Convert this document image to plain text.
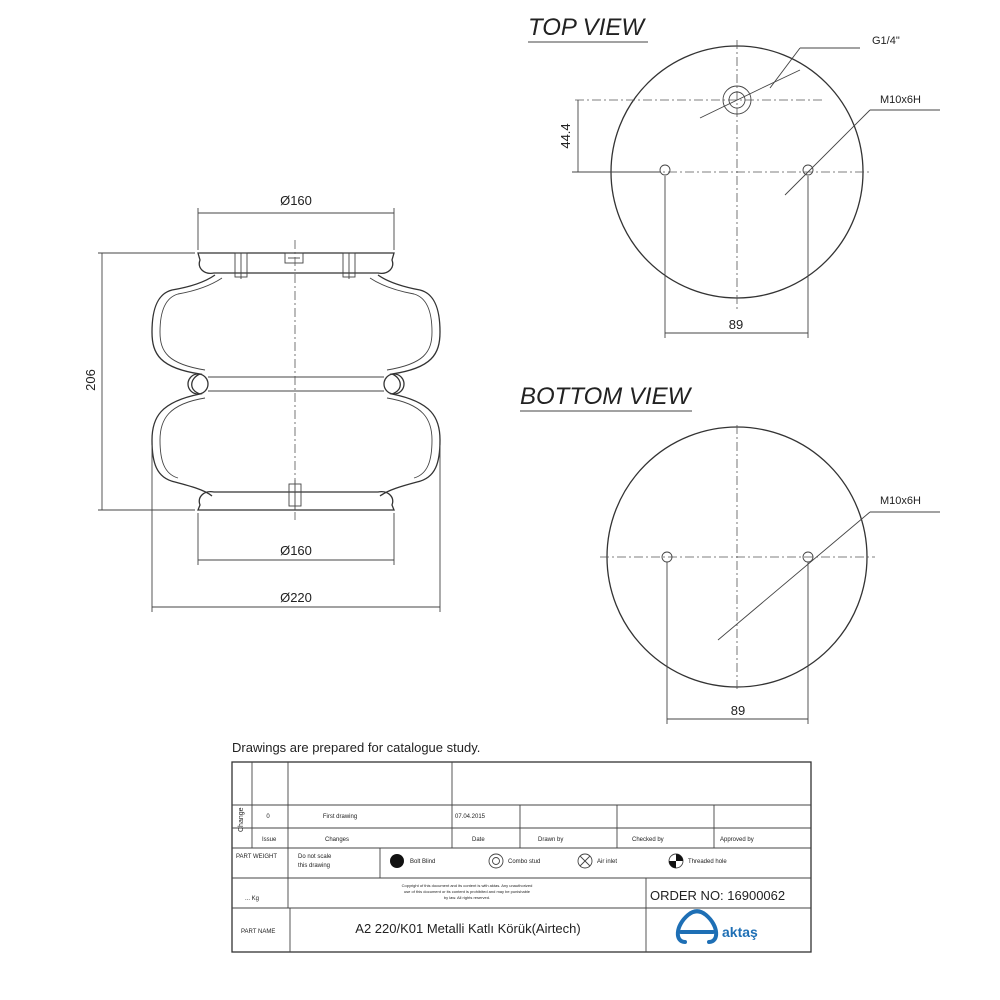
Ø160
206
Ø160
Ø220
TOP VIEW	G1/4"
M10x6H
44.4
89
BOTTOM VIEW
M10x6H
89
Drawings are prepared for catalogue study.
Change	0	First drawing	07.04.2015
Issue	Changes	Date	Drawn by	Checked by	Approved by
PART WEIGHT	Do not scale
this drawing
Bolt Blind	Combo stud	Air inlet	Threaded hole
... Kg
Copyright of this document and its content is with aktas. Any unauthorized
use of this document or its content is prohibited and may be punishable
by law. All rights reserved.	ORDER NO: 16900062
PART NAME	A2 220/K01 Metalli Katlı Körük(Airtech)	aktaş
